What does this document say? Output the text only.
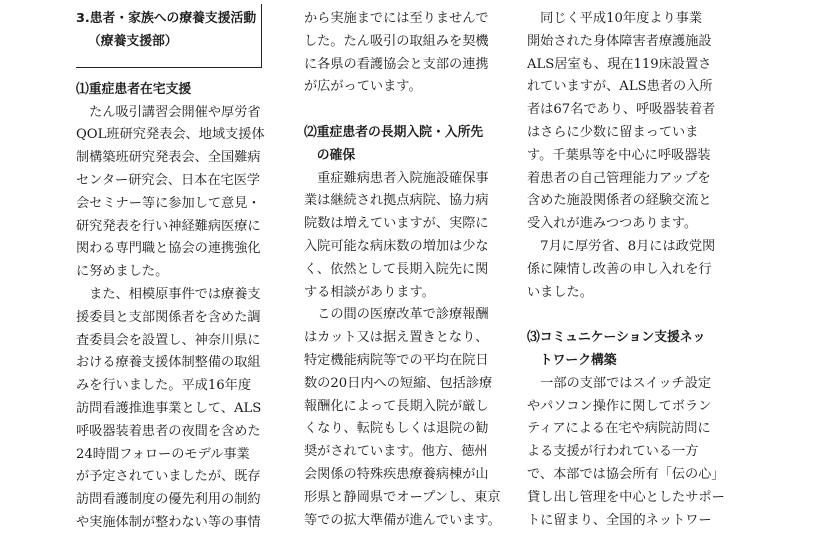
3.患者・家族への療養支援活動
（療養支援部）
⑴重症患者在宅支援
　たん吸引講習会開催や厚労省
QOL班研究発表会、地域支援体
制構築班研究発表会、全国難病
センター研究会、日本在宅医学
会セミナー等に参加して意見・
研究発表を行い神経難病医療に
関わる専門職と協会の連携強化
に努めました。
　また、相模原事件では療養支
援委員と支部関係者を含めた調
査委員会を設置し、神奈川県に
おける療養支援体制整備の取組
みを行いました。平成16年度
訪問看護推進事業として、ALS
呼吸器装着患者の夜間を含めた
24時間フォローのモデル事業
が予定されていましたが、既存
訪問看護制度の優先利用の制約
や実施体制が整わない等の事情
から実施までには至りませんで
した。たん吸引の取組みを契機
に各県の看護協会と支部の連携
が広がっています。
⑵重症患者の長期入院・入所先
　の確保
　重症難病患者入院施設確保事
業は継続され拠点病院、協力病
院数は増えていますが、実際に
入院可能な病床数の増加は少な
く、依然として長期入院先に関
する相談があります。
　この間の医療改革で診療報酬
はカット又は据え置きとなり、
特定機能病院等での平均在院日
数の20日内への短縮、包括診療
報酬化によって長期入院が厳し
くなり、転院もしくは退院の勧
奨がされています。他方、徳州
会関係の特殊疾患療養病棟が山
形県と静岡県でオープンし、東京
等での拡大準備が進んでいます。
　同じく平成10年度より事業
開始された身体障害者療護施設
ALS居室も、現在119床設置さ
れていますが、ALS患者の入所
者は67名であり、呼吸器装着者
はさらに少数に留まっていま
す。千葉県等を中心に呼吸器装
着患者の自己管理能力アップを
含めた施設関係者の経験交流と
受入れが進みつつあります。
　7月に厚労省、8月には政党関
係に陳情し改善の申し入れを行
いました。
⑶コミュニケーション支援ネッ
　トワーク構築
　一部の支部ではスイッチ設定
やパソコン操作に関してボラン
ティアによる在宅や病院訪問に
よる支援が行われている一方
で、本部では協会所有「伝の心」
貸し出し管理を中心としたサポー
トに留まり、全国的ネットワー
